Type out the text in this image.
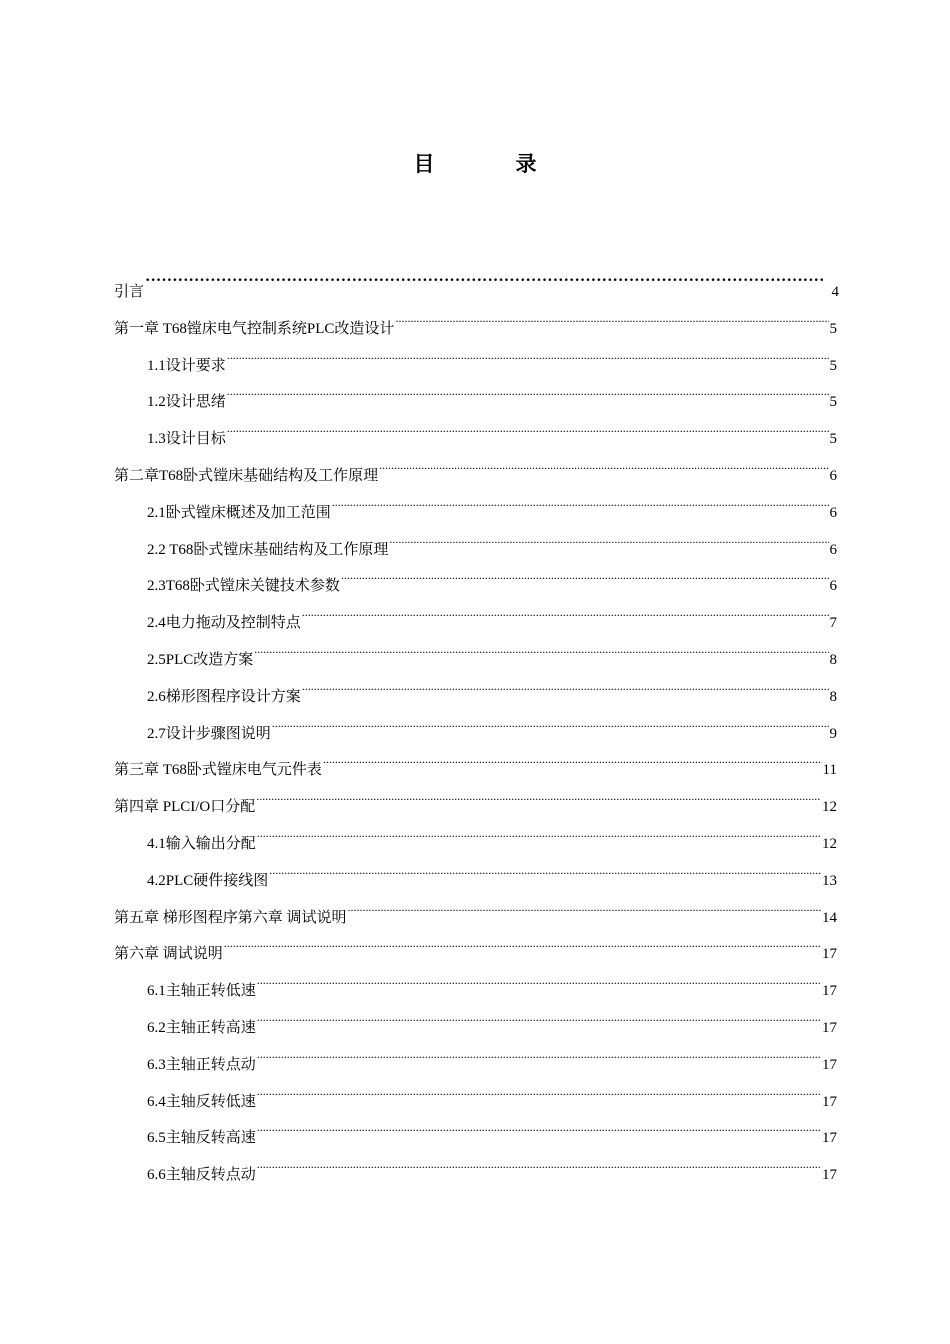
目　录
引言 ·····	4
第一章 T68镗床电气控制系统PLC改造设计 .....	5
1.1设计要求 .....	5
1.2设计思绪 .....	5
1.3设计目标 .....	5
第二章T68卧式镗床基础结构及工作原理 .....	6
2.1卧式镗床概述及加工范围 .....	6
2.2 T68卧式镗床基础结构及工作原理 .....	6
2.3T68卧式镗床关键技术参数 .....	6
2.4电力拖动及控制特点 .....	7
2.5PLC改造方案 .....	8
2.6梯形图程序设计方案 .....	8
2.7设计步骤图说明 .....	9
第三章 T68卧式镗床电气元件表 .....	11
第四章 PLCI/O口分配 .....	12
4.1输入输出分配 .....	12
4.2PLC硬件接线图 .....	13
第五章 梯形图程序第六章 调试说明 .....	14
第六章 调试说明 .....	17
6.1主轴正转低速 .....	17
6.2主轴正转高速 .....	17
6.3主轴正转点动 .....	17
6.4主轴反转低速 .....	17
6.5主轴反转高速 .....	17
6.6主轴反转点动 .....	17
